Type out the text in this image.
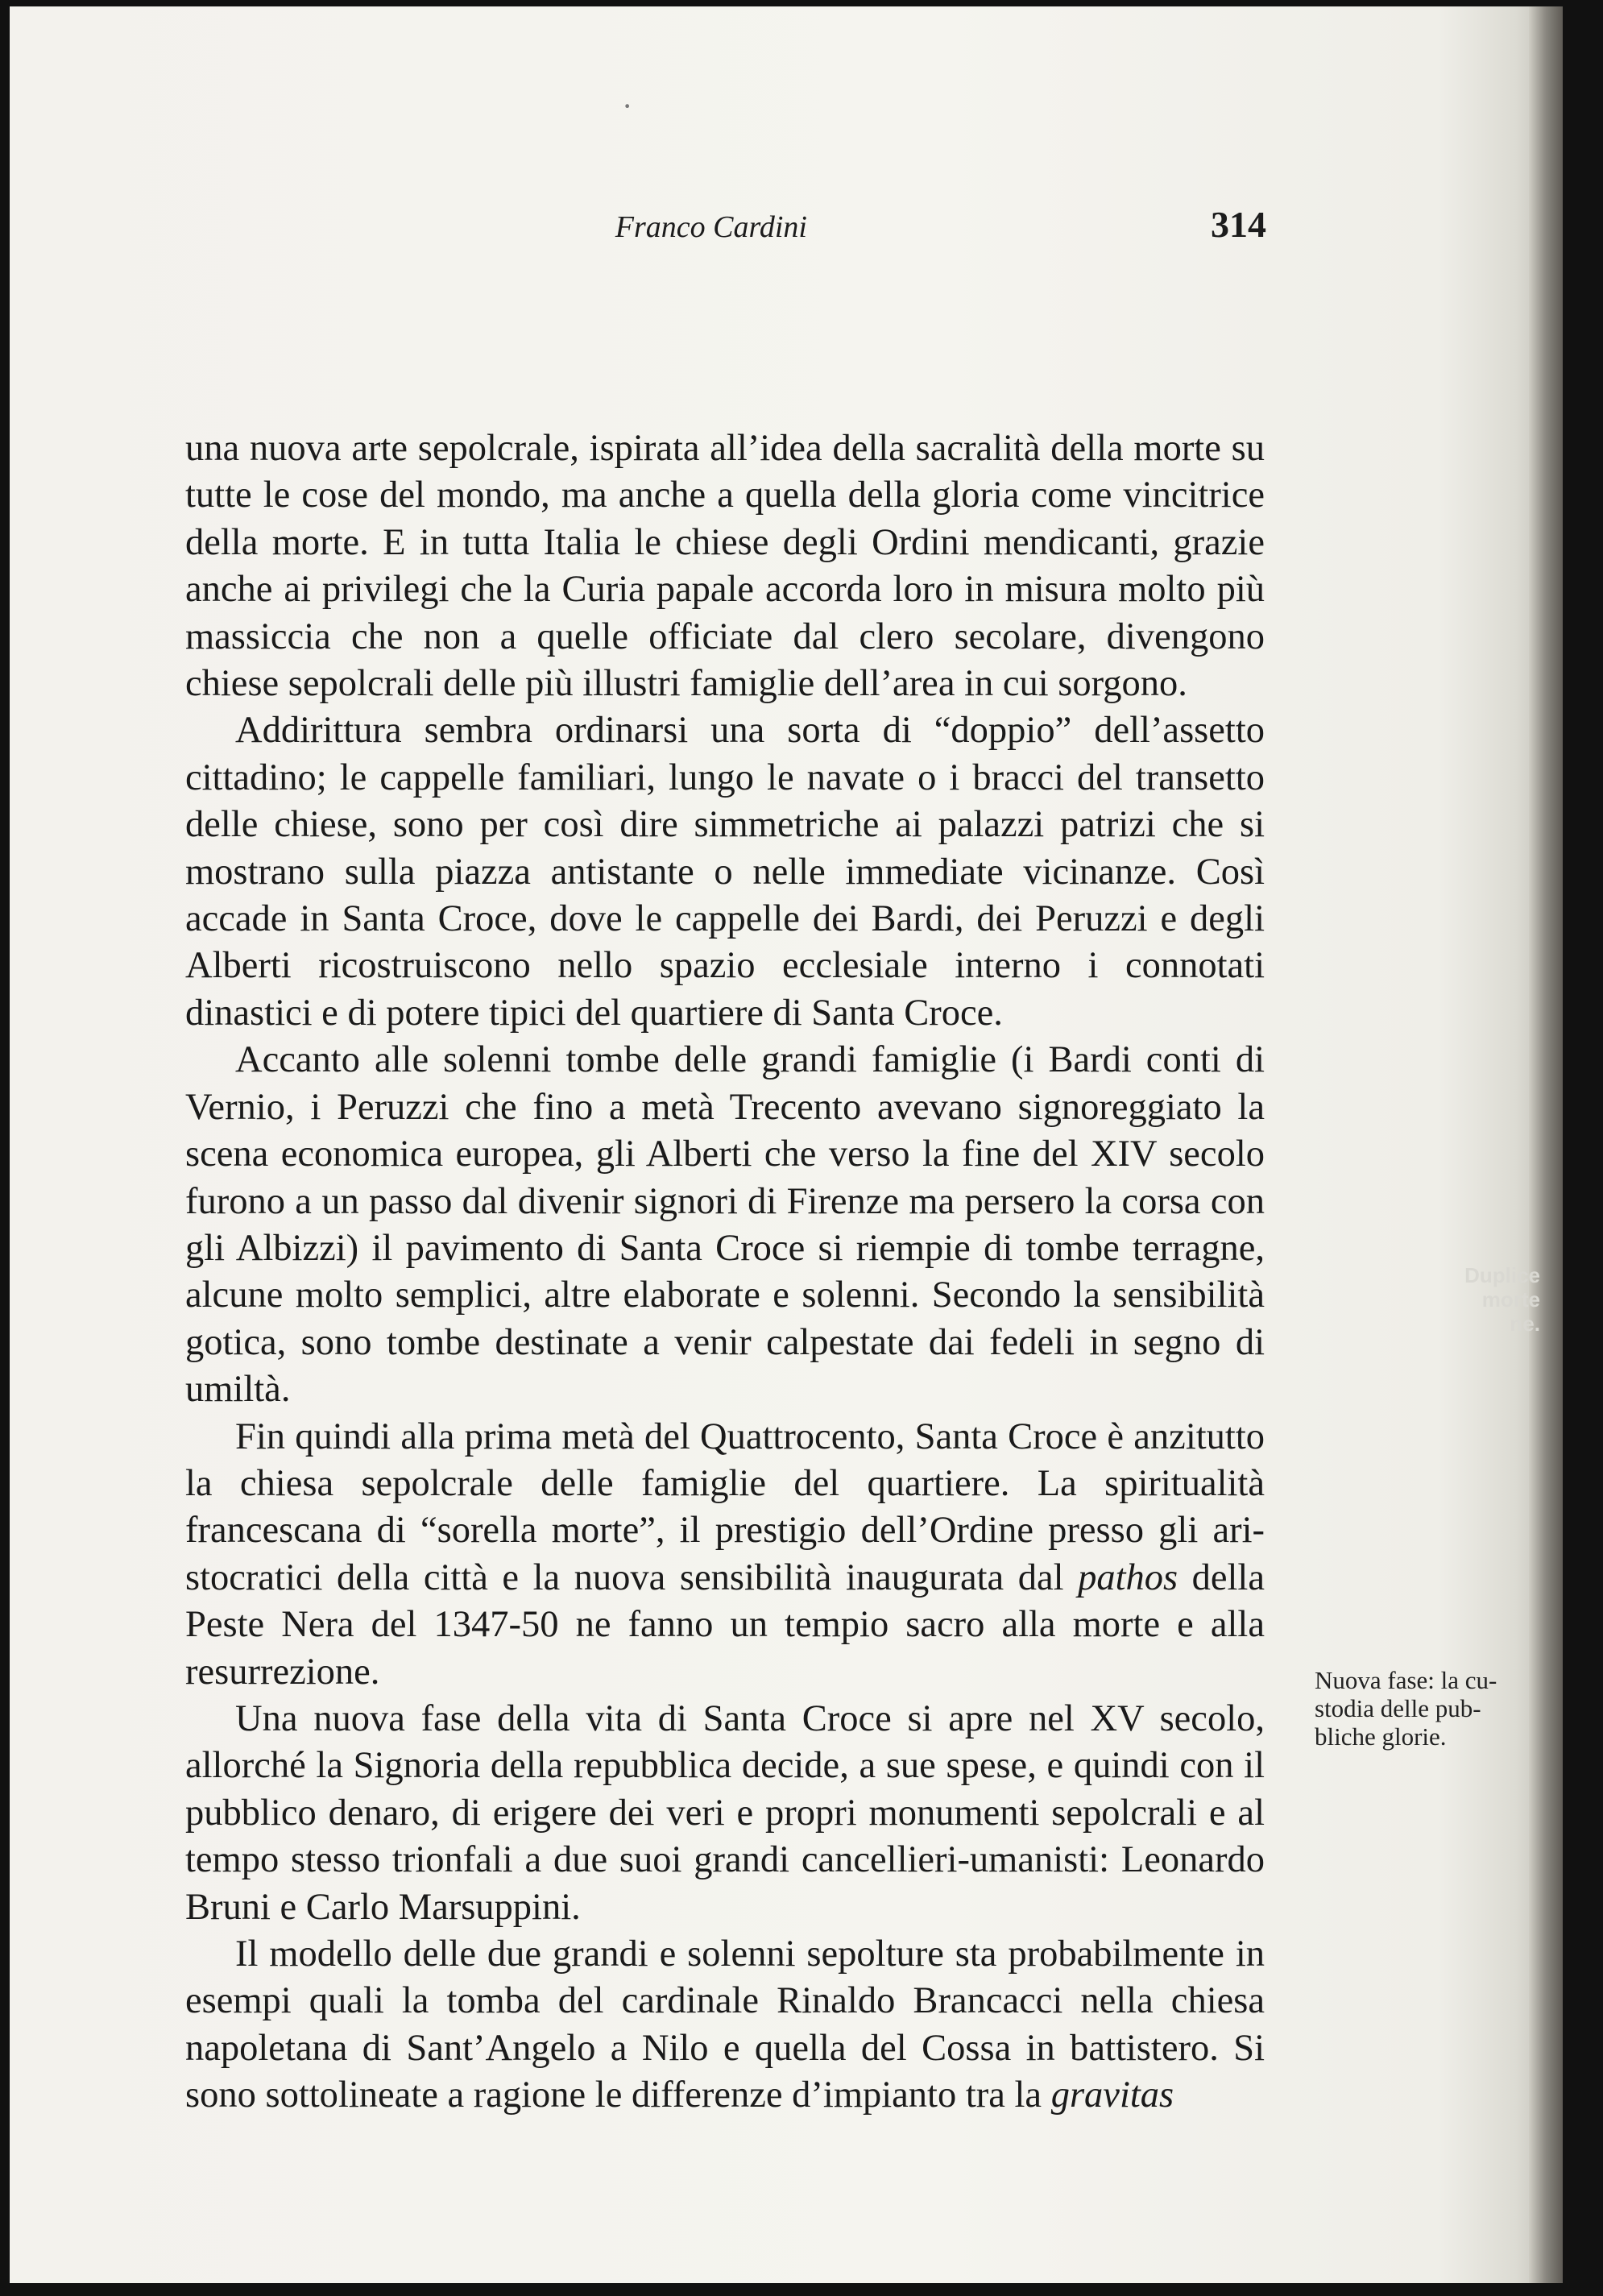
·
Franco Cardini	314

una nuova arte sepolcrale, ispirata all’idea della sacralità della morte su tutte le cose del mondo, ma anche a quella della gloria come vincitrice della morte. E in tutta Italia le chiese degli Ordini mendicanti, grazie anche ai privilegi che la Curia papale accorda loro in misura molto più massiccia che non a quelle officiate dal clero secolare, divengono chiese sepolcrali delle più illustri famiglie dell’area in cui sorgono.

Addirittura sembra ordinarsi una sorta di “doppio” dell’assetto cittadino; le cappelle familiari, lungo le navate o i bracci del transetto delle chiese, sono per così dire simmetriche ai palazzi patrizi che si mostrano sulla piazza antistante o nelle immediate vicinanze. Così accade in Santa Croce, dove le cappelle dei Bardi, dei Peruzzi e degli Alberti ricostruiscono nello spazio ecclesiale interno i connotati dinastici e di potere tipici del quartiere di Santa Croce.

Accanto alle solenni tombe delle grandi famiglie (i Bardi conti di Vernio, i Peruzzi che fino a metà Trecento avevano signoreggiato la scena economica europea, gli Alberti che verso la fine del XIV secolo furono a un passo dal divenir signori di Firenze ma persero la corsa con gli Albizzi) il pavimento di Santa Croce si riempie di tombe terragne, alcune molto semplici, altre elaborate e solenni. Secondo la sensibilità gotica, sono tombe destinate a venir calpestate dai fedeli in segno di umiltà.

Fin quindi alla prima metà del Quattrocento, Santa Croce è anzitutto la chiesa sepolcrale delle famiglie del quartiere. La spiritualità francescana di “sorella morte”, il prestigio dell’Ordine presso gli aristocratici della città e la nuova sensibilità inaugurata dal pathos della Peste Nera del 1347-50 ne fanno un tempio sacro alla morte e alla resurrezione.

Una nuova fase della vita di Santa Croce si apre nel XV secolo, allorché la Signoria della repubblica decide, a sue spese, e quindi con il pubblico denaro, di erigere dei veri e propri monumenti sepolcrali e al tempo stesso trionfali a due suoi grandi cancellieri-umanisti: Leonardo Bruni e Carlo Marsuppini.

Il modello delle due grandi e solenni sepolture sta probabilmente in esempi quali la tomba del cardinale Rinaldo Brancacci nella chiesa napoletana di Sant’Angelo a Nilo e quella del Cossa in battistero. Si sono sottolineate a ragione le differenze d’impianto tra la gravitas

Nuova fase: la custodia delle pubbliche glorie.
Duplice morte ne.
